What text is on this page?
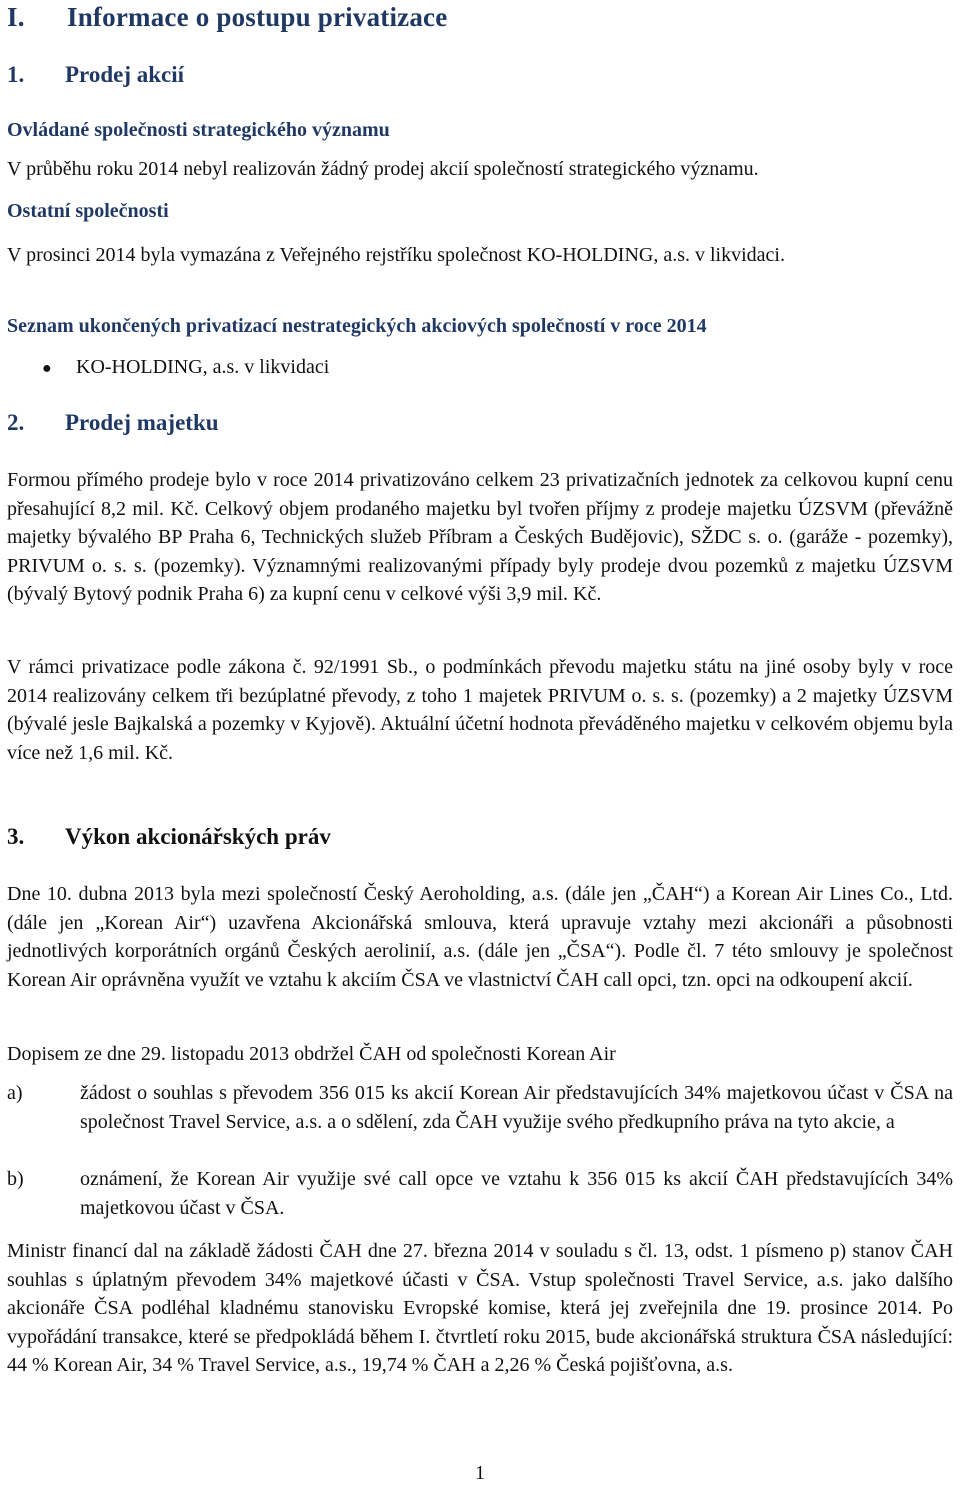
I. Informace o postupu privatizace
1. Prodej akcií
Ovládané společnosti strategického významu

V průběhu roku 2014 nebyl realizován žádný prodej akcií společností strategického významu.

Ostatní společnosti

V prosinci 2014 byla vymazána z Veřejného rejstříku společnost KO-HOLDING, a.s. v likvidaci.

Seznam ukončených privatizací nestrategických akciových společností v roce 2014
● KO-HOLDING, a.s. v likvidaci
2. Prodej majetku

Formou přímého prodeje bylo v roce 2014 privatizováno celkem 23 privatizačních jednotek za celkovou kupní cenu přesahující 8,2 mil. Kč. Celkový objem prodaného majetku byl tvořen příjmy z prodeje majetku ÚZSVM (převážně majetky bývalého BP Praha 6, Technických služeb Příbram a Českých Budějovic), SŽDC s. o. (garáže - pozemky), PRIVUM o. s. s. (pozemky). Významnými realizovanými případy byly prodeje dvou pozemků z majetku ÚZSVM (bývalý Bytový podnik Praha 6) za kupní cenu v celkové výši 3,9 mil. Kč.

V rámci privatizace podle zákona č. 92/1991 Sb., o podmínkách převodu majetku státu na jiné osoby byly v roce 2014 realizovány celkem tři bezúplatné převody, z toho 1 majetek PRIVUM o. s. s. (pozemky) a 2 majetky ÚZSVM (bývalé jesle Bajkalská a pozemky v Kyjově). Aktuální účetní hodnota převáděného majetku v celkovém objemu byla více než 1,6 mil. Kč.

3. Výkon akcionářských práv

Dne 10. dubna 2013 byla mezi společností Český Aeroholding, a.s. (dále jen „ČAH“) a Korean Air Lines Co., Ltd. (dále jen „Korean Air“) uzavřena Akcionářská smlouva, která upravuje vztahy mezi akcionáři a působnosti jednotlivých korporátních orgánů Českých aerolinií, a.s. (dále jen „ČSA“). Podle čl. 7 této smlouvy je společnost Korean Air oprávněna využít ve vztahu k akciím ČSA ve vlastnictví ČAH call opci, tzn. opci na odkoupení akcií.

Dopisem ze dne 29. listopadu 2013 obdržel ČAH od společnosti Korean Air

a)	žádost o souhlas s převodem 356 015 ks akcií Korean Air představujících 34% majetkovou účast v ČSA na společnost Travel Service, a.s. a o sdělení, zda ČAH využije svého předkupního práva na tyto akcie, a
b)	oznámení, že Korean Air využije své call opce ve vztahu k 356 015 ks akcií ČAH představujících 34% majetkovou účast v ČSA.

Ministr financí dal na základě žádosti ČAH dne 27. března 2014 v souladu s čl. 13, odst. 1 písmeno p) stanov ČAH souhlas s úplatným převodem 34% majetkové účasti v ČSA. Vstup společnosti Travel Service, a.s. jako dalšího akcionáře ČSA podléhal kladnému stanovisku Evropské komise, která jej zveřejnila dne 19. prosince 2014. Po vypořádání transakce, které se předpokládá během I. čtvrtletí roku 2015, bude akcionářská struktura ČSA následující: 44 % Korean Air, 34 % Travel Service, a.s., 19,74 % ČAH a 2,26 % Česká pojišťovna, a.s.

1
